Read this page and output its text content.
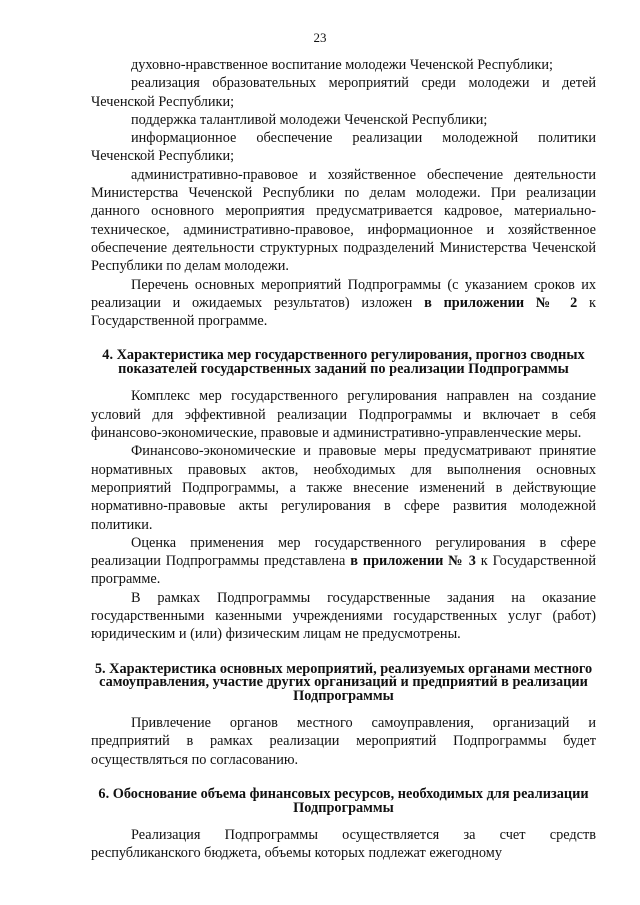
23

духовно-нравственное воспитание молодежи Чеченской Республики;

реализация образовательных мероприятий среди молодежи и детей Чеченской Республики;

поддержка талантливой молодежи Чеченской Республики;

информационное обеспечение реализации молодежной политики Чеченской Республики;

административно-правовое и хозяйственное обеспечение деятельности Министерства Чеченской Республики по делам молодежи. При реализации данного основного мероприятия предусматривается кадровое, материально-техническое, административно-правовое, информационное и хозяйственное обеспечение деятельности структурных подразделений Министерства Чеченской Республики по делам молодежи.

Перечень основных мероприятий Подпрограммы (с указанием сроков их реализации и ожидаемых результатов) изложен в приложении № 2 к Государственной программе.

4. Характеристика мер государственного регулирования, прогноз сводных показателей государственных заданий по реализации Подпрограммы

Комплекс мер государственного регулирования направлен на создание условий для эффективной реализации Подпрограммы и включает в себя финансово-экономические, правовые и административно-управленческие меры.

Финансово-экономические и правовые меры предусматривают принятие нормативных правовых актов, необходимых для выполнения основных мероприятий Подпрограммы, а также внесение изменений в действующие нормативно-правовые акты регулирования в сфере развития молодежной политики.

Оценка применения мер государственного регулирования в сфере реализации Подпрограммы представлена в приложении № 3 к Государственной программе.

В рамках Подпрограммы государственные задания на оказание государственными казенными учреждениями государственных услуг (работ) юридическим и (или) физическим лицам не предусмотрены.

5. Характеристика основных мероприятий, реализуемых органами местного самоуправления, участие других организаций и предприятий в реализации Подпрограммы

Привлечение органов местного самоуправления, организаций и предприятий в рамках реализации мероприятий Подпрограммы будет осуществляться по согласованию.

6. Обоснование объема финансовых ресурсов, необходимых для реализации Подпрограммы

Реализация Подпрограммы осуществляется за счет средств республиканского бюджета, объемы которых подлежат ежегодному
